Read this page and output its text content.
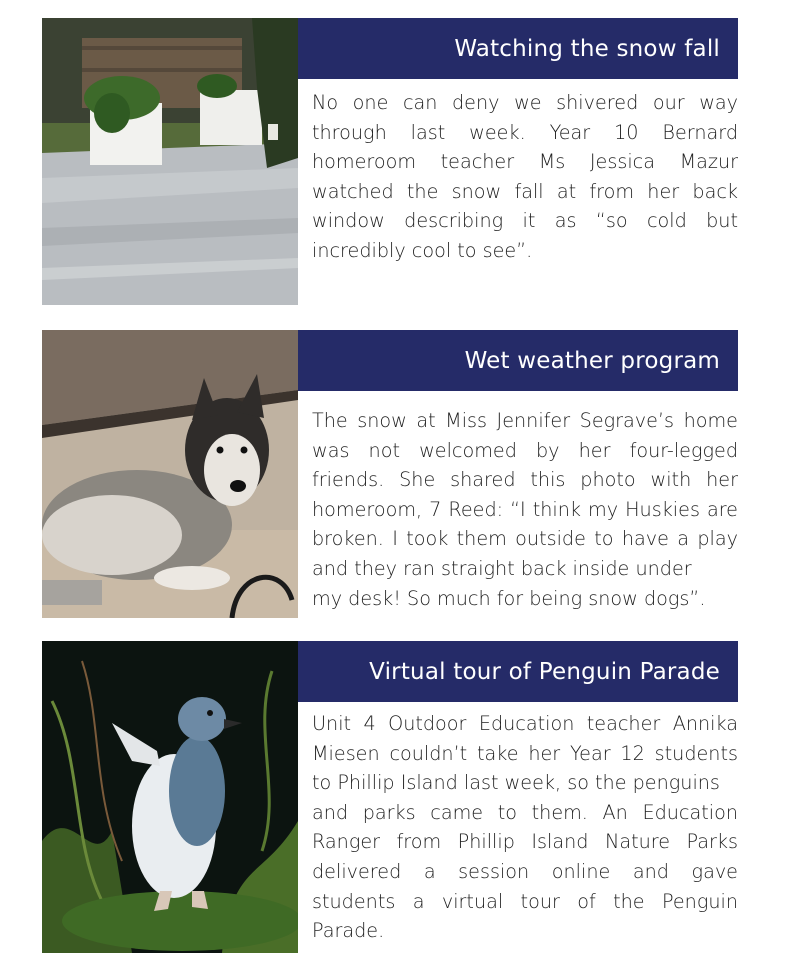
Watching the snow fall

No one can deny we shivered our way
through last week. Year 10 Bernard
homeroom teacher Ms Jessica Mazur
watched the snow fall at from her back
window describing it as “so cold but
incredibly cool to see”.

Wet weather program

The snow at Miss Jennifer Segrave’s home
was not welcomed by her four-legged
friends. She shared this photo with her
homeroom, 7 Reed: “I think my Huskies are
broken. I took them outside to have a play
and they ran straight back inside under
my desk! So much for being snow dogs”.

Virtual tour of Penguin Parade

Unit 4 Outdoor Education teacher Annika
Miesen couldn’t take her Year 12 students
to Phillip Island last week, so the penguins
and parks came to them. An Education
Ranger from Phillip Island Nature Parks
delivered a session online and gave
students a virtual tour of the Penguin
Parade.
